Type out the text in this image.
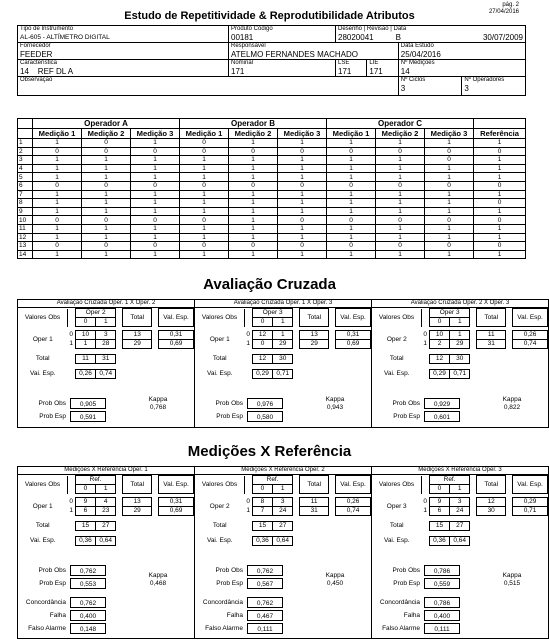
pág. 2
27/04/2016
Estudo de Repetitividade & Reprodutibilidade Atributos
Tipo de Instrumento
AL-605 - ALTÍMETRO DIGITAL

Produto Código
00181

Desenho | Revisão | Data
28020041	B	30/07/2009

Fornecedor
FEEDER

Responsável
ATELMO FERNANDES MACHADO

Data Estudo
25/04/2016

Característica
14    REF DL A

Nominal
171

LSE
171

LIE
171

Nº Medições
14

Observação
		Nº Ciclos
3

Nº Operadores
3
	Operador A			Operador B			Operador C			
	Medição 1	Medição 2	Medição 3	Medição 1	Medição 2	Medição 3	Medição 1	Medição 2	Medição 3	Referência
1	1	0	1	0	1	1	1	1	1	1
2	0	0	0	0	0	0	0	0	0	0
3	1	1	1	1	1	1	1	1	0	1
4	1	1	1	1	1	1	1	1	1	1
5	1	1	1	1	1	1	1	1	1	1
6	0	0	0	0	0	0	0	0	0	0
7	1	1	1	1	1	1	1	1	1	1
8	1	1	1	1	1	1	1	1	1	0
9	1	1	1	1	1	1	1	1	1	1
10	0	0	0	0	1	0	0	0	0	0
11	1	1	1	1	1	1	1	1	1	1
12	1	1	1	1	1	1	1	1	1	1
13	0	0	0	0	0	0	0	0	0	0
14	1	1	1	1	1	1	1	1	1	1
Avaliação Cruzada
Avaliação Cruzada Oper. 1 X Oper. 2
Valores Obs		Oper 2			Total		Val. Esp.
		0	1				

Oper 1	0	10	3		13		0,31
	1	1	28		29		0,69

Total		11	31				

Vai. Esp.		0,26	0,74				
Prob Obs	0,905
Prob Esp	0,591
Kappa
0,768
Avaliação Cruzada Oper. 1 X Oper. 3
Valores Obs		Oper 3			Total		Val. Esp.
		0	1				

Oper 1	0	12	1		13		0,31
	1	0	29		29		0,69

Total		12	30				

Vai. Esp.		0,29	0,71				
Prob Obs	0,976
Prob Esp	0,580
Kappa
0,943
Avaliação Cruzada Oper. 2 X Oper. 3
Valores Obs		Oper 3			Total		Val. Esp.
		0	1				

Oper 2	0	10	1		11		0,26
	1	2	29		31		0,74

Total		12	30				

Vai. Esp.		0,29	0,71				
Prob Obs	0,929
Prob Esp	0,601
Kappa
0,822
Medições X Referência
Medições X Referência Oper. 1
Valores Obs		Ref.			Total		Val. Esp.
		0	1				

Oper 1	0	9	4		13		0,31
	1	6	23		29		0,69

Total		15	27				

Vai. Esp.		0,36	0,64				
Prob Obs	0,762
Prob Esp	0,553
Concordância	0,762
Falha	0,400
Falso Alarme	0,148
Kappa
0,468
Medições X Referência Oper. 2
Valores Obs		Ref.			Total		Val. Esp.
		0	1				

Oper 2	0	8	3		11		0,26
	1	7	24		31		0,74

Total		15	27				

Vai. Esp.		0,36	0,64				
Prob Obs	0,762
Prob Esp	0,567
Concordância	0,762
Falha	0,467
Falso Alarme	0,111
Kappa
0,450
Medições X Referência Oper. 3
Valores Obs		Ref.			Total		Val. Esp.
		0	1				

Oper 3	0	9	3		12		0,29
	1	6	24		30		0,71

Total		15	27				

Vai. Esp.		0,36	0,64				
Prob Obs	0,786
Prob Esp	0,559
Concordância	0,786
Falha	0,400
Falso Alarme	0,111
Kappa
0,515
